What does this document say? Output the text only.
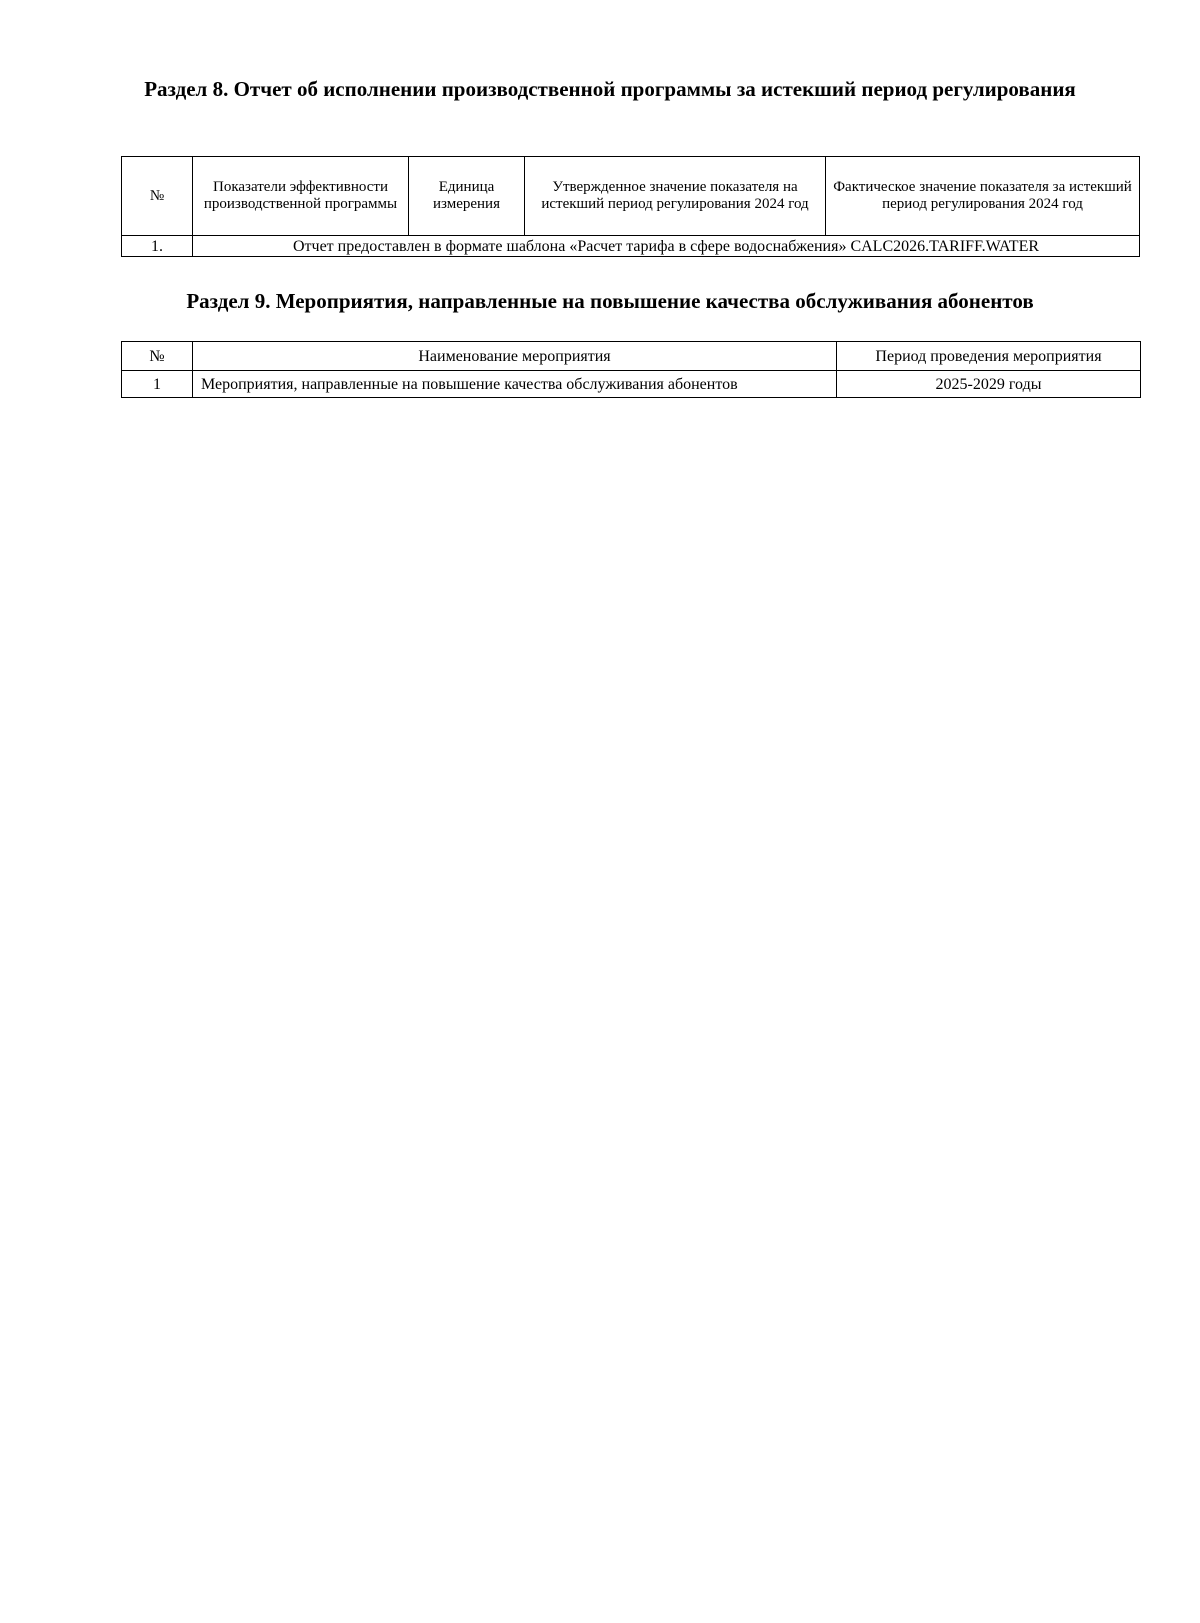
Раздел 8. Отчет об исполнении производственной программы за истекший период регулирования
№	Показатели эффективности производственной программы	Единица измерения	Утвержденное значение показателя на истекший период регулирования 2024 год	Фактическое значение показателя за истекший период регулирования 2024 год
1.	Отчет предоставлен в формате шаблона «Расчет тарифа в сфере водоснабжения» CALC2026.TARIFF.WATER			
Раздел 9. Мероприятия, направленные на повышение качества обслуживания абонентов
№	Наименование мероприятия	Период проведения мероприятия
1	Мероприятия, направленные на повышение качества обслуживания абонентов	2025-2029 годы
